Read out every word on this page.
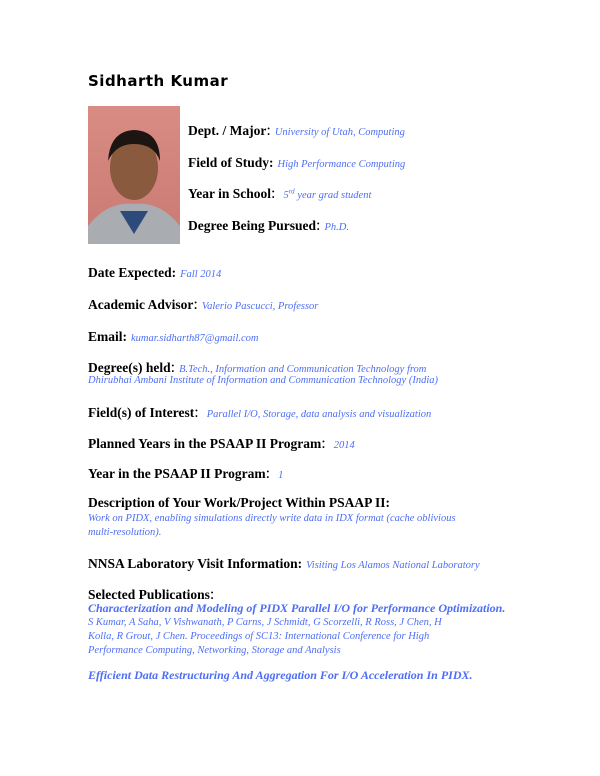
Sidharth Kumar
Dept. / Major: University of Utah, Computing
Field of Study: High Performance Computing
Year in School: 5rd year grad student
Degree Being Pursued: Ph.D.
Date Expected: Fall 2014
Academic Advisor: Valerio Pascucci, Professor
Email: kumar.sidharth87@gmail.com
Degree(s) held: B.Tech., Information and Communication Technology from
Dhirubhai Ambani Institute of Information and Communication Technology (India)
Field(s) of Interest: Parallel I/O, Storage, data analysis and visualization
Planned Years in the PSAAP II Program: 2014
Year in the PSAAP II Program: 1
Description of Your Work/Project Within PSAAP II:
Work on PIDX, enabling simulations directly write data in IDX format (cache oblivious
multi-resolution).
NNSA Laboratory Visit Information: Visiting Los Alamos National Laboratory
Selected Publications:
Characterization and Modeling of PIDX Parallel I/O for Performance Optimization.
S Kumar, A Saha, V Vishwanath, P Carns, J Schmidt, G Scorzelli, R Ross, J Chen, H
Kolla, R Grout, J Chen. Proceedings of SC13: International Conference for High
Performance Computing, Networking, Storage and Analysis
Efficient Data Restructuring And Aggregation For I/O Acceleration In PIDX.
